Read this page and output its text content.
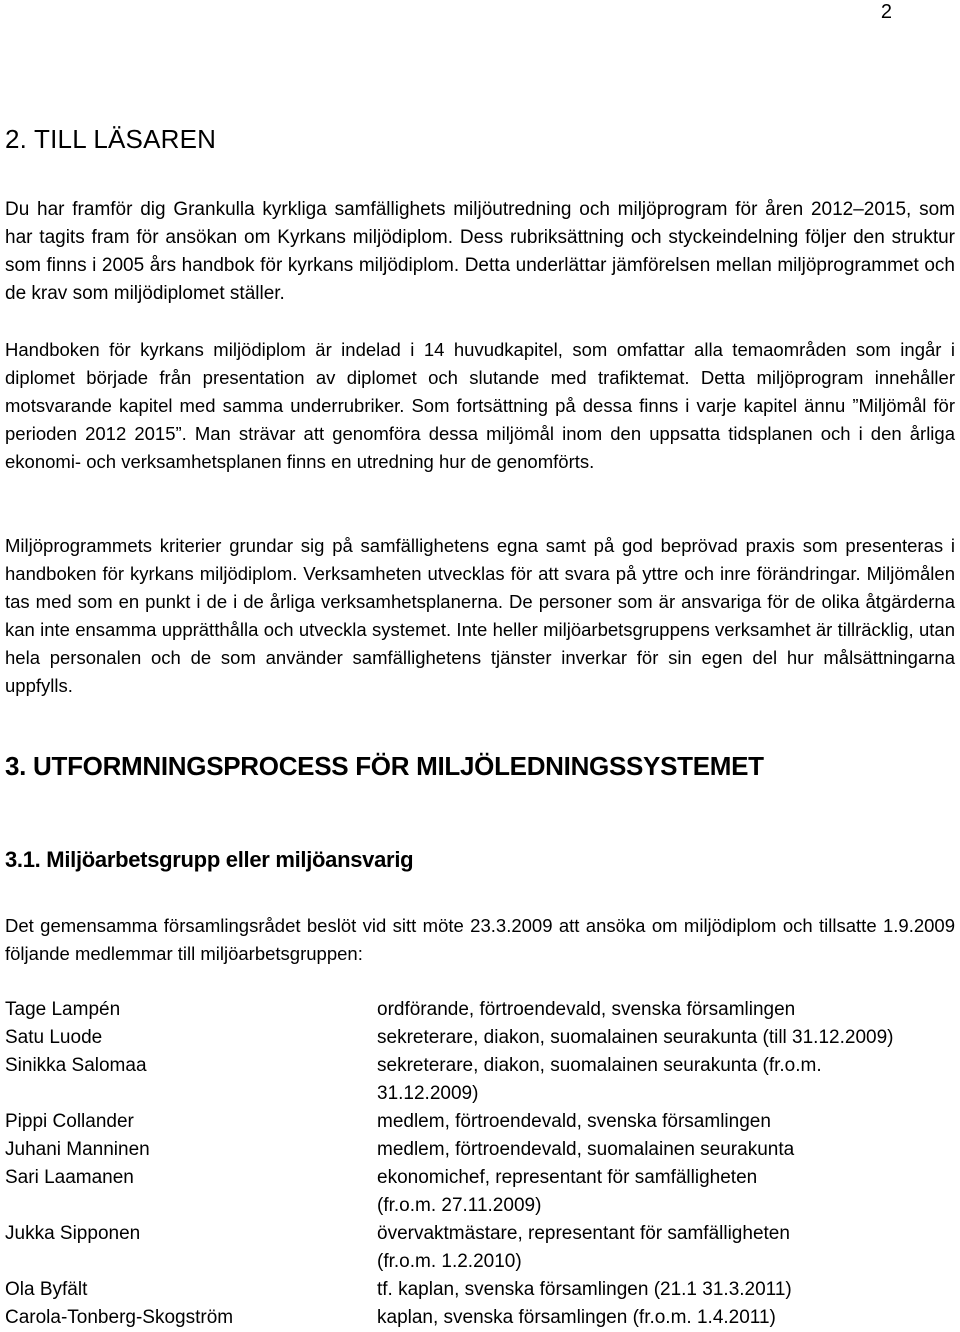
2
2. TILL LÄSAREN

Du har framför dig Grankulla kyrkliga samfällighets miljöutredning och miljöprogram för åren 2012–2015, som har tagits fram för ansökan om Kyrkans miljödiplom. Dess rubriksättning och styckeindelning följer den struktur som finns i 2005 års handbok för kyrkans miljödiplom. Detta underlättar jämförelsen mellan miljöprogrammet och de krav som miljödiplomet ställer.

Handboken för kyrkans miljödiplom är indelad i 14 huvudkapitel, som omfattar alla temaområden som ingår i diplomet började från presentation av diplomet och slutande med trafiktemat. Detta miljöprogram innehåller motsvarande kapitel med samma underrubriker. Som fortsättning på dessa finns i varje kapitel ännu ”Miljömål för perioden 2012 2015”. Man strävar att genomföra dessa miljömål inom den uppsatta tidsplanen och i den årliga ekonomi- och verksamhetsplanen finns en utredning hur de genomförts.

Miljöprogrammets kriterier grundar sig på samfällighetens egna samt på god beprövad praxis som presenteras i handboken för kyrkans miljödiplom. Verksamheten utvecklas för att svara på yttre och inre förändringar. Miljömålen tas med som en punkt i de i de årliga verksamhetsplanerna. De personer som är ansvariga för de olika åtgärderna kan inte ensamma upprätthålla och utveckla systemet. Inte heller miljöarbetsgruppens verksamhet är tillräcklig, utan hela personalen och de som använder samfällighetens tjänster inverkar för sin egen del hur målsättningarna uppfylls.

3. UTFORMNINGSPROCESS FÖR MILJÖLEDNINGSSYSTEMET
3.1. Miljöarbetsgrupp eller miljöansvarig

Det gemensamma församlingsrådet beslöt vid sitt möte 23.3.2009 att ansöka om miljödiplom och tillsatte 1.9.2009 följande medlemmar till miljöarbetsgruppen:

Tage Lampén	ordförande, förtroendevald, svenska församlingen
Satu Luode	sekreterare, diakon, suomalainen seurakunta (till 31.12.2009)
Sinikka Salomaa	sekreterare, diakon, suomalainen seurakunta (fr.o.m.
31.12.2009)
Pippi Collander	medlem, förtroendevald, svenska församlingen
Juhani Manninen	medlem, förtroendevald, suomalainen seurakunta
Sari Laamanen	ekonomichef, representant för samfälligheten
(fr.o.m. 27.11.2009)
Jukka Sipponen	övervaktmästare, representant för samfälligheten
(fr.o.m. 1.2.2010)
Ola Byfält	tf. kaplan, svenska församlingen (21.1 31.3.2011)
Carola-Tonberg-Skogström	kaplan, svenska församlingen (fr.o.m. 1.4.2011)
